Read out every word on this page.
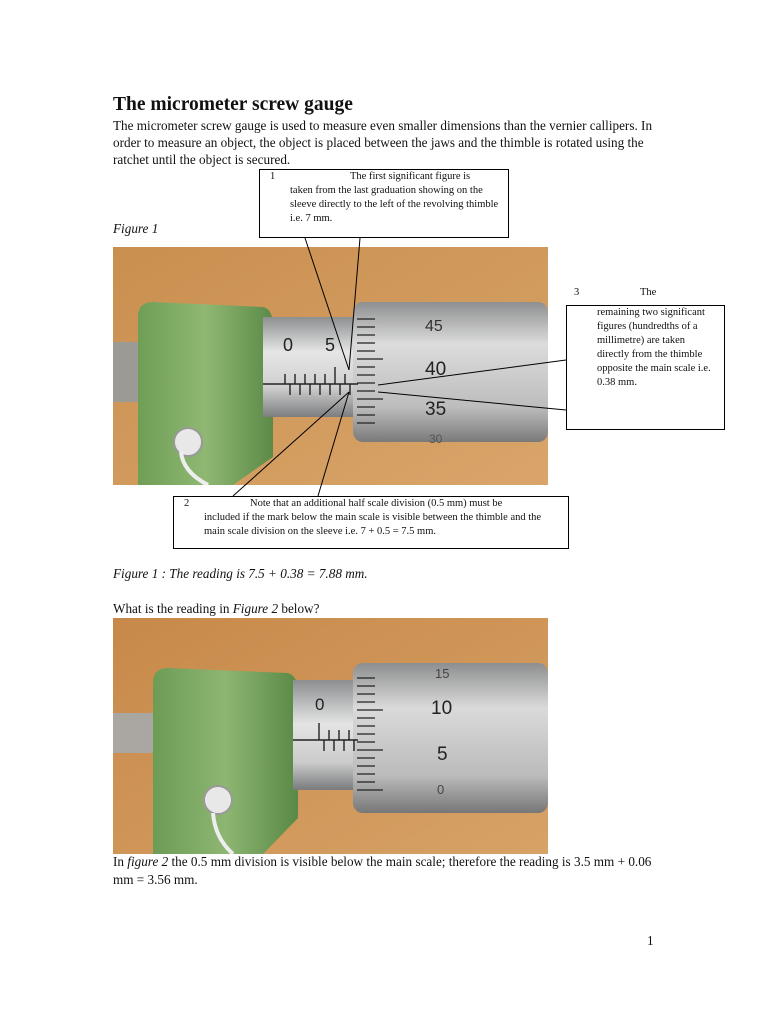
The micrometer screw gauge
The micrometer screw gauge is used to measure even smaller dimensions than the vernier callipers. In order to measure an object, the object is placed between the jaws and the thimble is rotated using the ratchet until the object is secured.
Figure 1
0 5
45
40
35
30
1	The first significant figure is
taken from the last graduation showing on the sleeve directly to the left of the revolving thimble i.e. 7 mm.
3	The
remaining two significant figures (hundredths of a millimetre) are taken directly from the thimble opposite the main scale i.e. 0.38 mm.
2	Note that an additional half scale division (0.5 mm) must be
included if the mark below the main scale is visible between the thimble and the main scale division on the sleeve i.e. 7 + 0.5 = 7.5 mm.
Figure 1 : The reading is 7.5 + 0.38 = 7.88 mm.
What is the reading in Figure 2 below?
0
15
10
5
0
In figure 2 the 0.5 mm division is visible below the main scale; therefore the reading is 3.5 mm + 0.06 mm = 3.56 mm.
1
